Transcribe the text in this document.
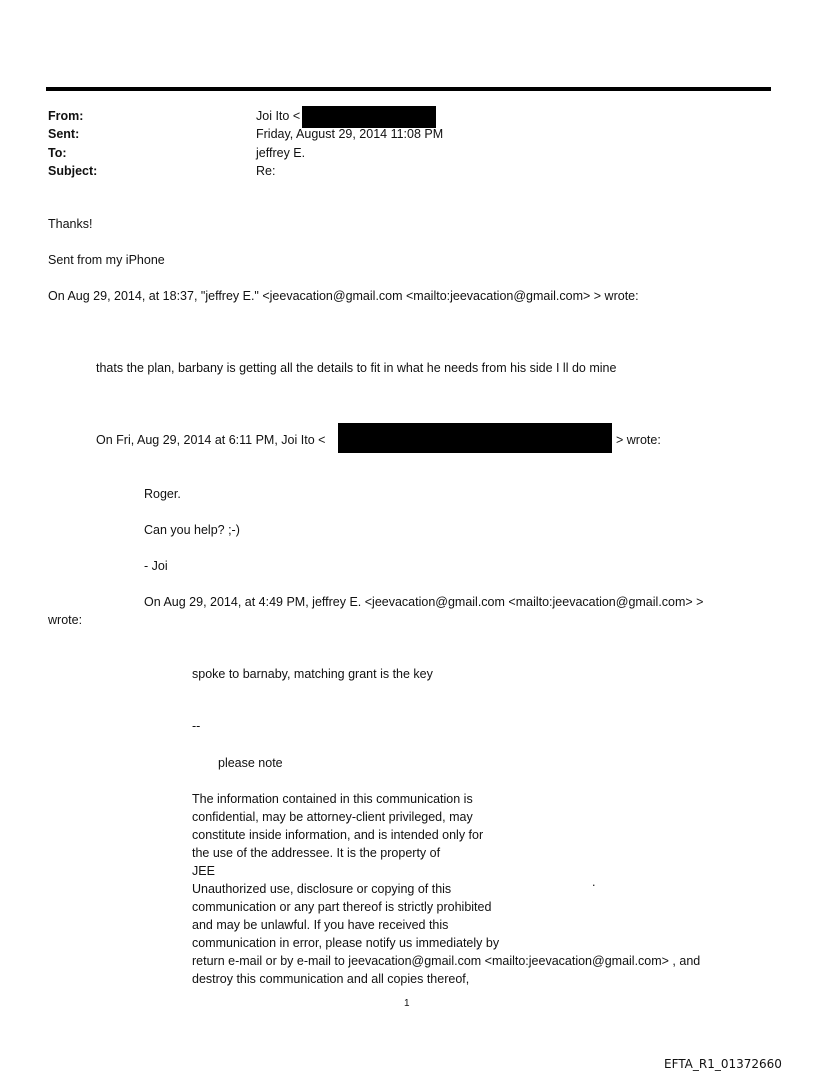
From:	Joi Ito <
Sent:	Friday, August 29, 2014 11:08 PM
To:	jeffrey E.
Subject:	Re:
Thanks!
Sent from my iPhone
On Aug 29, 2014, at 18:37, "jeffrey E." <jeevacation@gmail.com <mailto:jeevacation@gmail.com> > wrote:
thats the plan, barbany is getting all the details to fit in what he needs from his side I ll do mine
On Fri, Aug 29, 2014 at 6:11 PM, Joi Ito <	> wrote:
Roger.
Can you help? ;-)
- Joi
On Aug 29, 2014, at 4:49 PM, jeffrey E. <jeevacation@gmail.com <mailto:jeevacation@gmail.com> >
wrote:
spoke to barnaby, matching grant is the key
--
please note
The information contained in this communication is
confidential, may be attorney-client privileged, may
constitute inside information, and is intended only for
the use of the addressee. It is the property of
JEE
Unauthorized use, disclosure or copying of this
communication or any part thereof is strictly prohibited
and may be unlawful. If you have received this
communication in error, please notify us immediately by
return e-mail or by e-mail to jeevacation@gmail.com <mailto:jeevacation@gmail.com> , and
destroy this communication and all copies thereof,
.
1
EFTA_R1_01372660
